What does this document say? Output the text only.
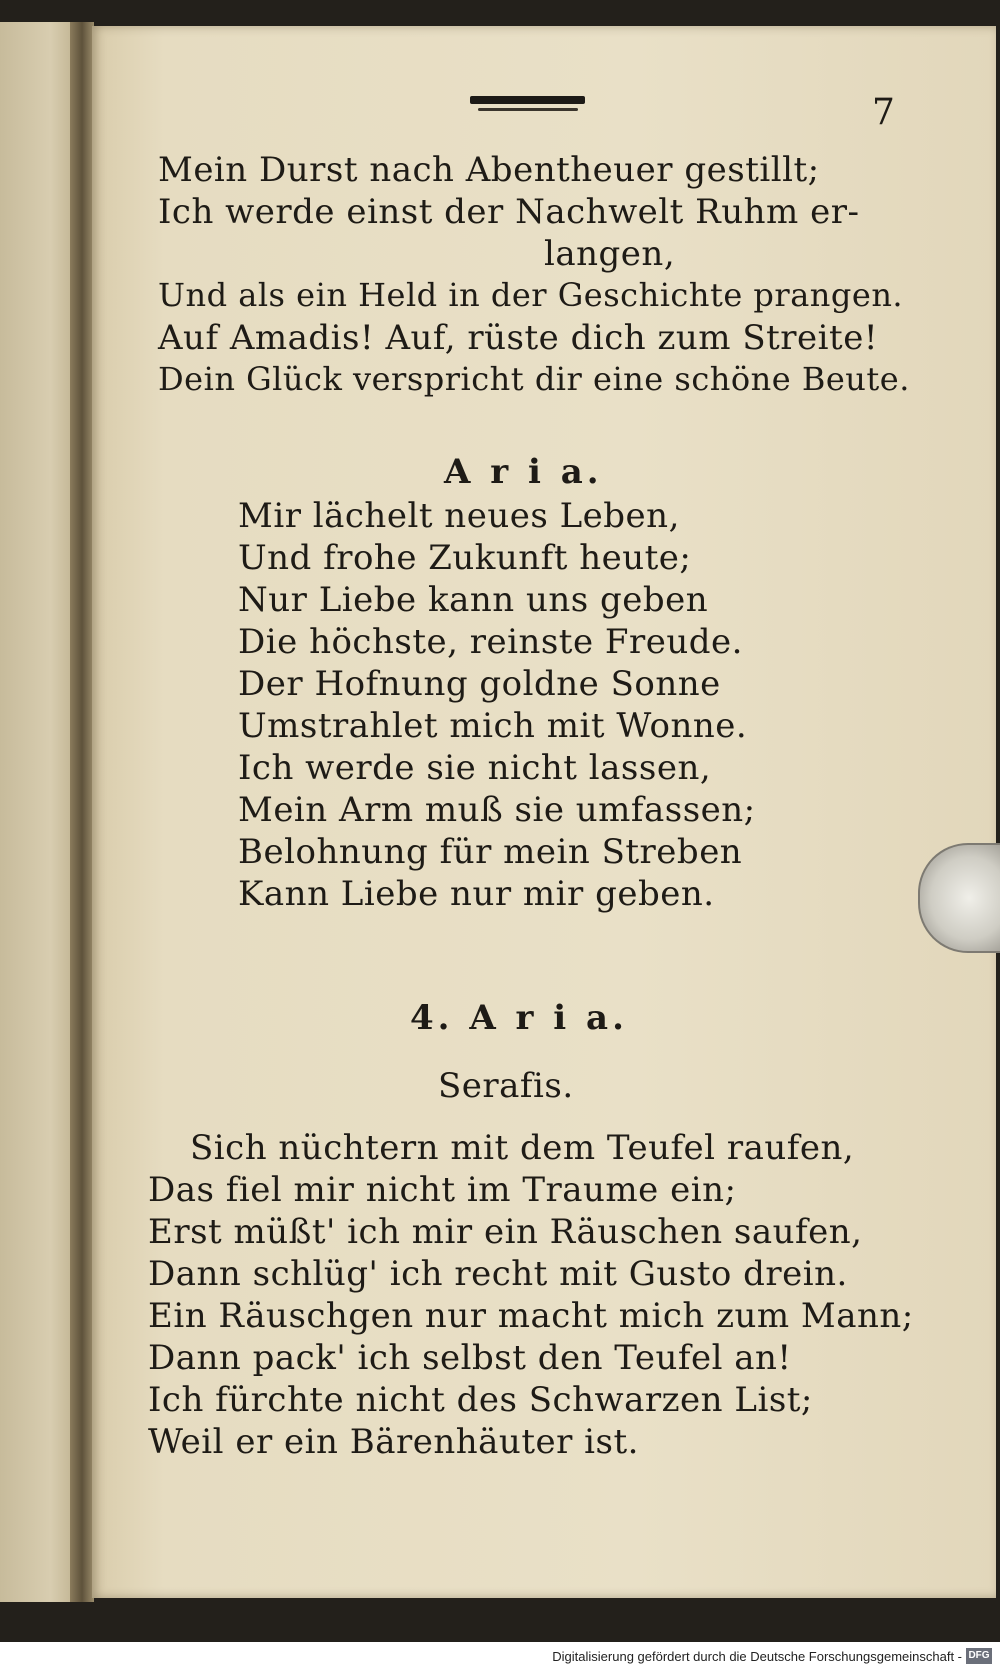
7
Mein Durst nach Abentheuer gestillt;
Ich werde einst der Nachwelt Ruhm er-
langen,
Und als ein Held in der Geschichte prangen.
Auf Amadis! Auf, rüste dich zum Streite!
Dein Glück verspricht dir eine schöne Beute.
A r i a.
Mir lächelt neues Leben,
Und frohe Zukunft heute;
Nur Liebe kann uns geben
Die höchste, reinste Freude.
Der Hofnung goldne Sonne
Umstrahlet mich mit Wonne.
Ich werde sie nicht lassen,
Mein Arm muß sie umfassen;
Belohnung für mein Streben
Kann Liebe nur mir geben.
4. A r i a.
Serafis.
Sich nüchtern mit dem Teufel raufen,
Das fiel mir nicht im Traume ein;
Erst müßt' ich mir ein Räuschen saufen,
Dann schlüg' ich recht mit Gusto drein.
Ein Räuschgen nur macht mich zum Mann;
Dann pack' ich selbst den Teufel an!
Ich fürchte nicht des Schwarzen List;
Weil er ein Bärenhäuter ist.
Digitalisierung gefördert durch die Deutsche Forschungsgemeinschaft - DFG
